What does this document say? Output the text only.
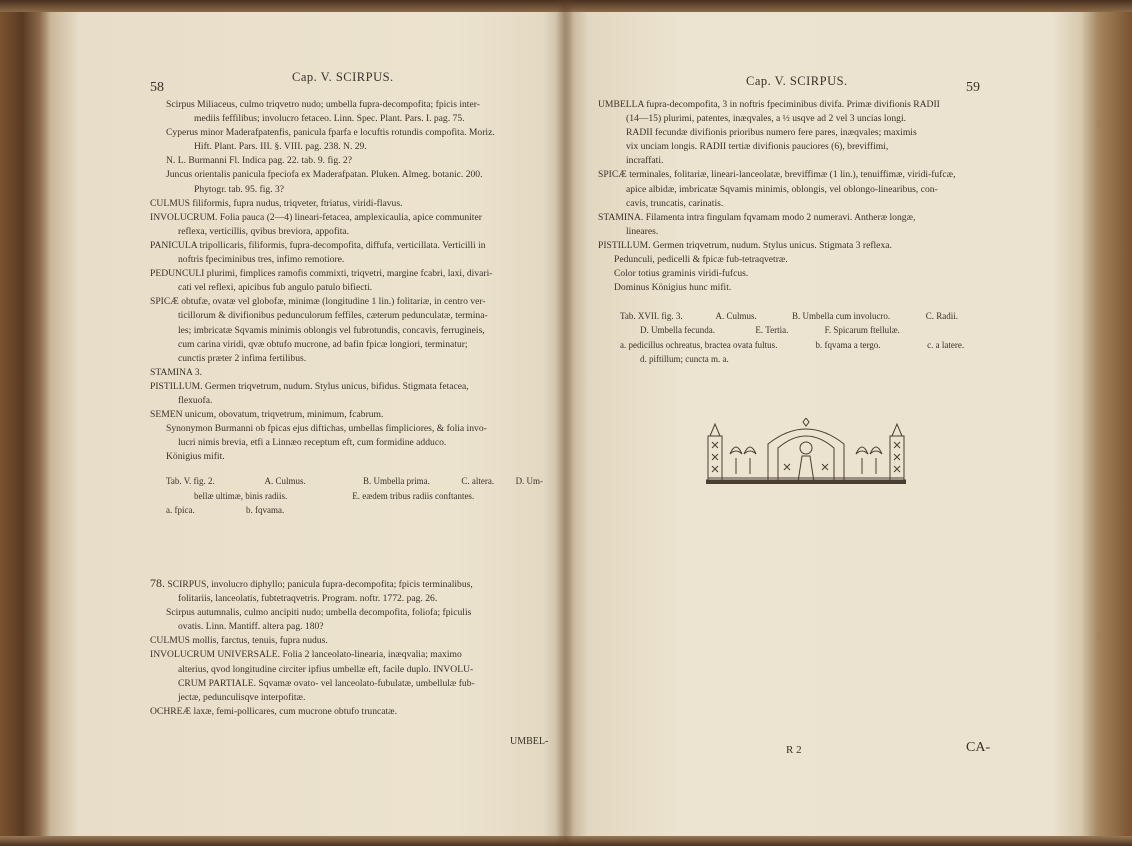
58
Cap. V. SCIRPUS.

Scirpus Miliaceus, culmo triqvetro nudo; umbella fupra-decompofita; fpicis inter-

mediis feffilibus; involucro fetaceo. Linn. Spec. Plant. Pars. I. pag. 75.

Cyperus minor Maderafpatenfis, panicula fparfa e locuftis rotundis compofita. Moriz.

Hift. Plant. Pars. III. §. VIII. pag. 238. N. 29.

N. L. Burmanni Fl. Indica pag. 22. tab. 9. fig. 2?

Juncus orientalis panicula fpeciofa ex Maderafpatan. Pluken. Almeg. botanic. 200.

Phytogr. tab. 95. fig. 3?

CULMUS filiformis, fupra nudus, triqveter, ftriatus, viridi-flavus.

INVOLUCRUM. Folia pauca (2—4) lineari-fetacea, amplexicaulia, apice communiter

reflexa, verticillis, qvibus breviora, appofita.

PANICULA tripollicaris, filiformis, fupra-decompofita, diffufa, verticillata. Verticilli in

noftris fpeciminibus tres, infimo remotiore.

PEDUNCULI plurimi, fimplices ramofis commixti, triqvetri, margine fcabri, laxi, divari-

cati vel reflexi, apicibus fub angulo patulo bifiecti.

SPICÆ obtufæ, ovatæ vel globofæ, minimæ (longitudine 1 lin.) folitariæ, in centro ver-

ticillorum & divifionibus pedunculorum feffiles, cæterum pedunculatæ, termina-

les; imbricatæ Sqvamis minimis oblongis vel fubrotundis, concavis, ferrugineis,

cum carina viridi, qvæ obtufo mucrone, ad bafin fpicæ longiori, terminatur;

cunctis præter 2 infima fertilibus.

STAMINA 3.

PISTILLUM. Germen triqvetrum, nudum. Stylus unicus, bifidus. Stigmata fetacea,

flexuofa.

SEMEN unicum, obovatum, triqvetrum, minimum, fcabrum.

Synonymon Burmanni ob fpicas ejus diftichas, umbellas fimpliciores, & folia invo-

lucri nimis brevia, etfi a Linnæo receptum eft, cum formidine adduco.

Königius mifit.

Tab. V. fig. 2.	A. Culmus.	B. Umbella prima.	C. altera.	D. Um-
bellæ ultimæ, binis radiis.	E. eædem tribus radiis conftantes.
a. fpica.	b. fqvama.

78. SCIRPUS, involucro diphyllo; panicula fupra-decompofita; fpicis terminalibus,

folitariis, lanceolatis, fubtetraqvetris. Program. noftr. 1772. pag. 26.

Scirpus autumnalis, culmo ancipiti nudo; umbella decompofita, foliofa; fpiculis

ovatis. Linn. Mantiff. altera pag. 180?

CULMUS mollis, farctus, tenuis, fupra nudus.

INVOLUCRUM UNIVERSALE. Folia 2 lanceolato-linearia, inæqvalia; maximo

alterius, qvod longitudine circiter ipfius umbellæ eft, facile duplo. INVOLU-

CRUM PARTIALE. Sqvamæ ovato- vel lanceolato-fubulatæ, umbellulæ fub-

jectæ, pedunculisqve interpofitæ.

OCHREÆ laxæ, femi-pollicares, cum mucrone obtufo truncatæ.

UMBEL-
Cap. V. SCIRPUS.	59

UMBELLA fupra-decompofita, 3 in noftris fpeciminibus divifa. Primæ divifionis RADII

(14—15) plurimi, patentes, inæqvales, a ½ usqve ad 2 vel 3 uncias longi.

RADII fecundæ divifionis prioribus numero fere pares, inæqvales; maximis

vix unciam longis. RADII tertiæ divifionis pauciores (6), breviffimi,

incraffati.

SPICÆ terminales, folitariæ, lineari-lanceolatæ, breviffimæ (1 lin.), tenuiffimæ, viridi-fufcæ,

apice albidæ, imbricatæ Sqvamis minimis, oblongis, vel oblongo-linearibus, con-

cavis, truncatis, carinatis.

STAMINA. Filamenta intra fingulam fqvamam modo 2 numeravi. Antheræ longæ,

lineares.

PISTILLUM. Germen triqvetrum, nudum. Stylus unicus. Stigmata 3 reflexa.

Pedunculi, pedicelli & fpicæ fub-tetraqvetræ.

Color totius graminis viridi-fufcus.

Dominus Königius hunc mifit.

Tab. XVII. fig. 3.	A. Culmus.	B. Umbella cum involucro.	C. Radii.
D. Umbella fecunda.	E. Tertia.	F. Spicarum ftellulæ.
a. pedicillus ochreatus, bractea ovata fultus.	b. fqvama a tergo.	c. a latere.
d. piftillum; cuncta m. a.
R 2	CA-
